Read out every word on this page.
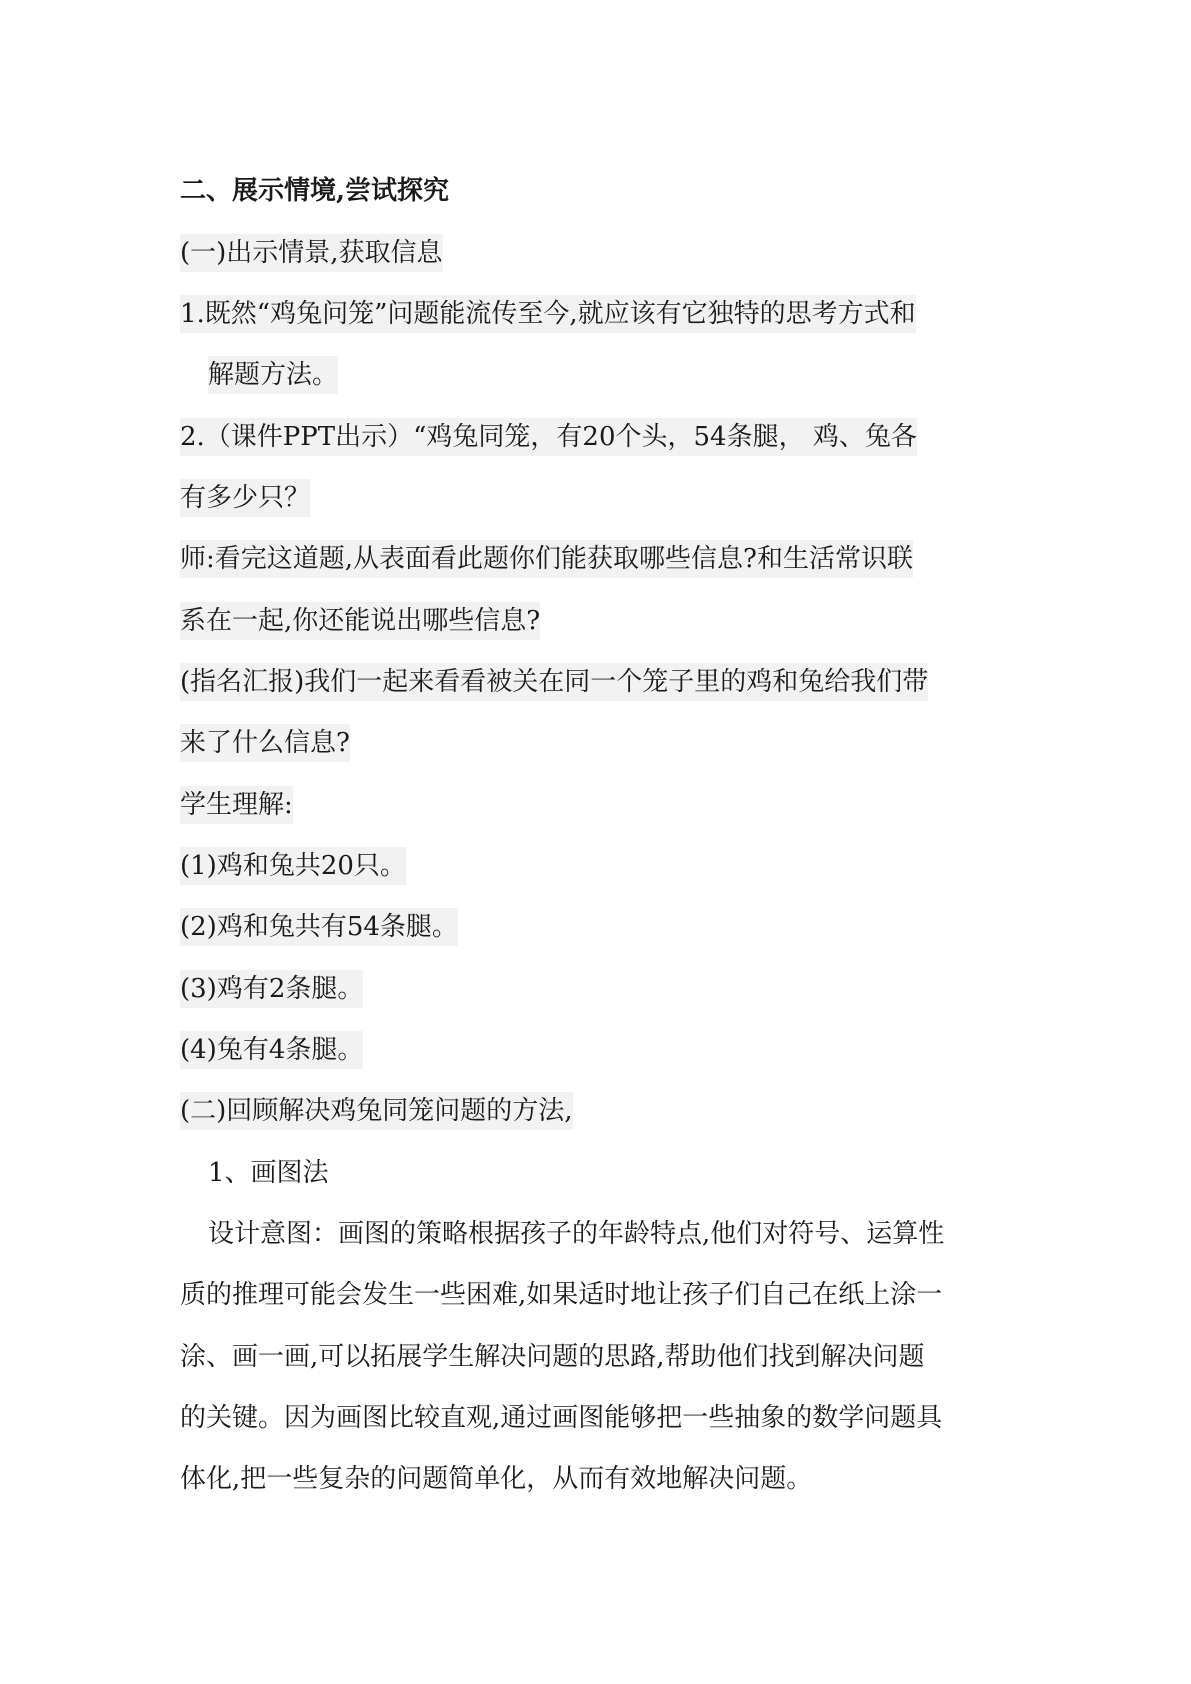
二、展示情境,尝试探究
(一)出示情景,获取信息
1.既然“鸡兔问笼”问题能流传至今,就应该有它独特的思考方式和
解题方法。
2.（课件PPT出示）“鸡兔同笼，有20个头，54条腿， 鸡、兔各
有多少只？
师:看完这道题,从表面看此题你们能获取哪些信息?和生活常识联
系在一起,你还能说出哪些信息?
(指名汇报)我们一起来看看被关在同一个笼子里的鸡和兔给我们带
来了什么信息?
学生理解:
(1)鸡和兔共20只。
(2)鸡和兔共有54条腿。
(3)鸡有2条腿。
(4)兔有4条腿。
(二)回顾解决鸡兔同笼问题的方法,
1、画图法
设计意图：画图的策略根据孩子的年龄特点,他们对符号、运算性
质的推理可能会发生一些困难,如果适时地让孩子们自己在纸上涂一
涂、画一画,可以拓展学生解决问题的思路,帮助他们找到解决问题
的关键。因为画图比较直观,通过画图能够把一些抽象的数学问题具
体化,把一些复杂的问题简单化，从而有效地解决问题。
